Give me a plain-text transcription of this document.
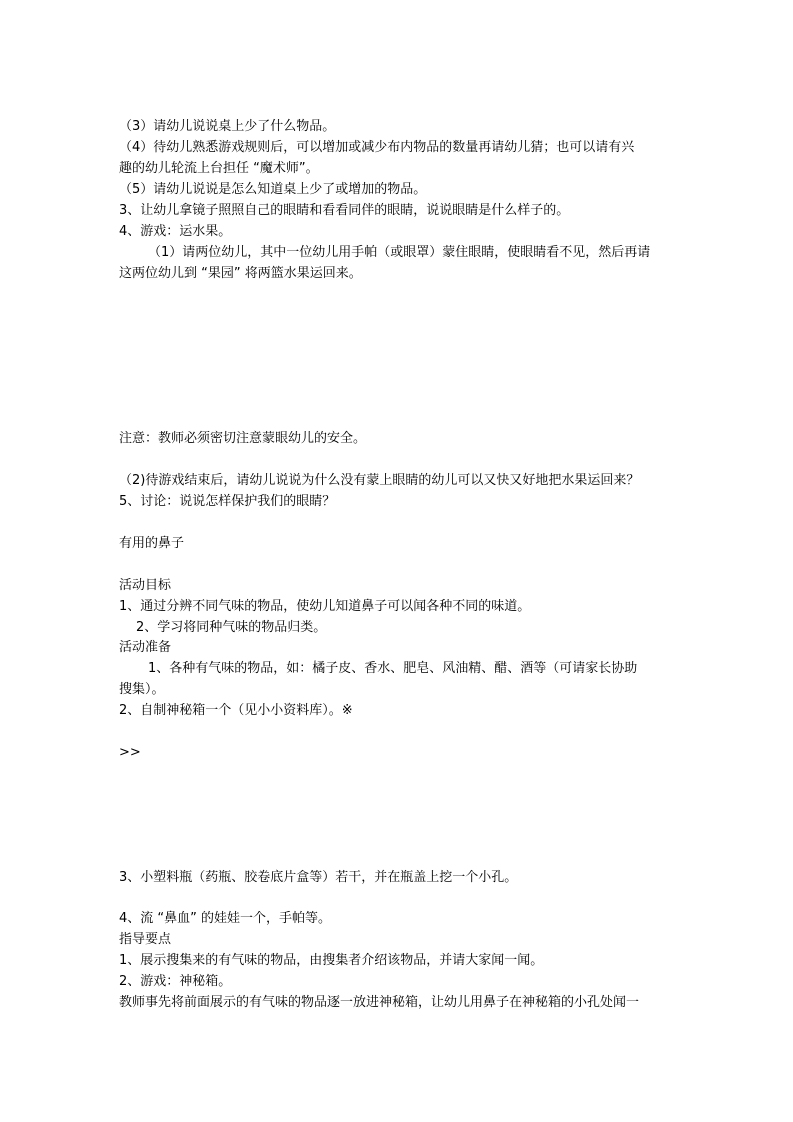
（3）请幼儿说说桌上少了什么物品。
（4）待幼儿熟悉游戏规则后，可以增加或减少布内物品的数量再请幼儿猜；也可以请有兴
趣的幼儿轮流上台担任 “魔术师”。
（5）请幼儿说说是怎么知道桌上少了或增加的物品。
3、让幼儿拿镜子照照自己的眼睛和看看同伴的眼睛，说说眼睛是什么样子的。
4、游戏：运水果。
（1）请两位幼儿，其中一位幼儿用手帕（或眼罩）蒙住眼睛，使眼睛看不见，然后再请
这两位幼儿到 “果园” 将两篮水果运回来。
注意：教师必须密切注意蒙眼幼儿的安全。
（2)待游戏结束后，请幼儿说说为什么没有蒙上眼睛的幼儿可以又快又好地把水果运回来？
5、讨论：说说怎样保护我们的眼睛？
有用的鼻子
活动目标
1、通过分辨不同气味的物品，使幼儿知道鼻子可以闻各种不同的味道。
2、学习将同种气味的物品归类。
活动准备
1、各种有气味的物品，如：橘子皮、香水、肥皂、风油精、醋、酒等（可请家长协助
搜集）。
2、自制神秘箱一个（见小小资料库）。※
>>
3、小塑料瓶（药瓶、胶卷底片盒等）若干，并在瓶盖上挖一个小孔。
4、流 “鼻血” 的娃娃一个，手帕等。
指导要点
1、展示搜集来的有气味的物品，由搜集者介绍该物品，并请大家闻一闻。
2、游戏：神秘箱。
教师事先将前面展示的有气味的物品逐一放进神秘箱，让幼儿用鼻子在神秘箱的小孔处闻一
